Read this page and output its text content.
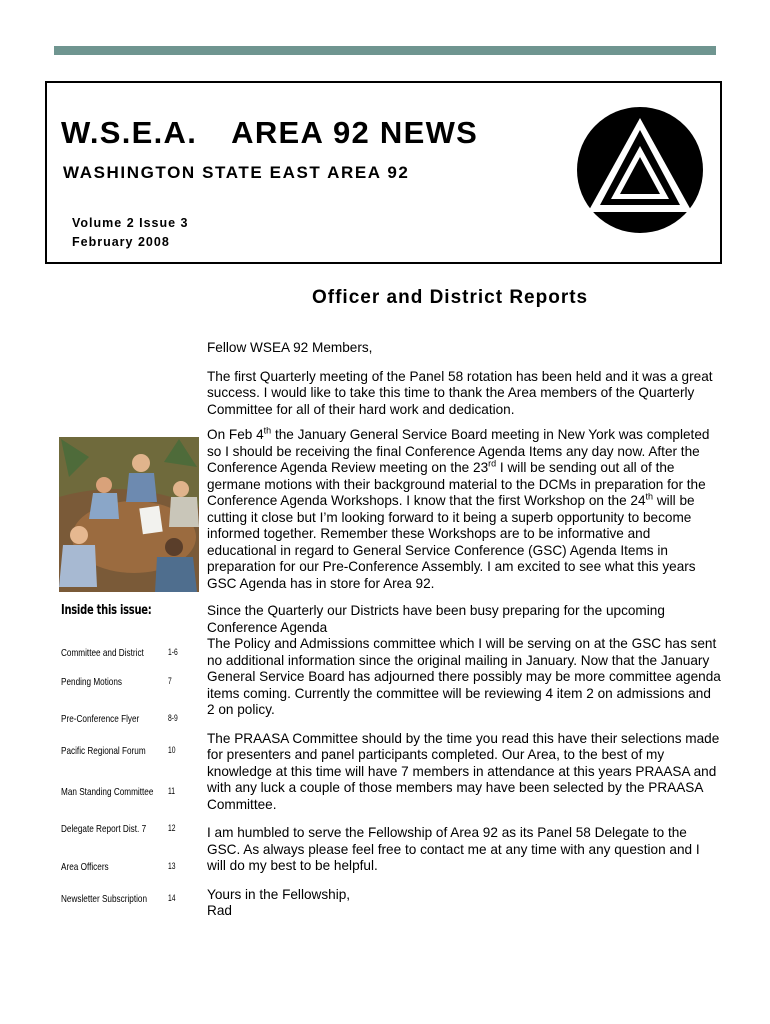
W.S.E.A. AREA 92 NEWS
WASHINGTON STATE EAST AREA 92
Volume 2 Issue 3
February 2008
Officer and District Reports

Fellow WSEA 92 Members,

The first Quarterly meeting of the Panel 58 rotation has been held and it was a great success. I would like to take this time to thank the Area members of the Quarterly Committee for all of their hard work and dedication.

On Feb 4th the January General Service Board meeting in New York was completed so I should be receiving the final Conference Agenda Items any day now. After the Conference Agenda Review meeting on the 23rd I will be sending out all of the germane motions with their background material to the DCMs in preparation for the Conference Agenda Workshops. I know that the first Workshop on the 24th will be cutting it close but I’m looking forward to it being a superb opportunity to become informed together. Remember these Workshops are to be informative and educational in regard to General Service Conference (GSC) Agenda Items in preparation for our Pre-Conference Assembly. I am excited to see what this years GSC Agenda has in store for Area 92.

Since the Quarterly our Districts have been busy preparing for the upcoming Conference Agenda

The Policy and Admissions committee which I will be serving on at the GSC has sent no additional information since the original mailing in January. Now that the January General Service Board has adjourned there possibly may be more committee agenda items coming. Currently the committee will be reviewing 4 item 2 on admissions and 2 on policy.

The PRAASA Committee should by the time you read this have their selections made for presenters and panel participants completed. Our Area, to the best of my knowledge at this time will have 7 members in attendance at this years PRAASA and with any luck a couple of those members may have been selected by the PRAASA Committee.

I am humbled to serve the Fellowship of Area 92 as its Panel 58 Delegate to the GSC. As always please feel free to contact me at any time with any question and I will do my best to be helpful.

Yours in the Fellowship,

Rad

Inside this issue:
Committee and District	1-6
Pending Motions	7
Pre-Conference Flyer	8-9
Pacific Regional Forum 10
Man Standing Committee 11
Delegate Report Dist. 7 12
Area Officers	13
Newsletter Subscription 14
